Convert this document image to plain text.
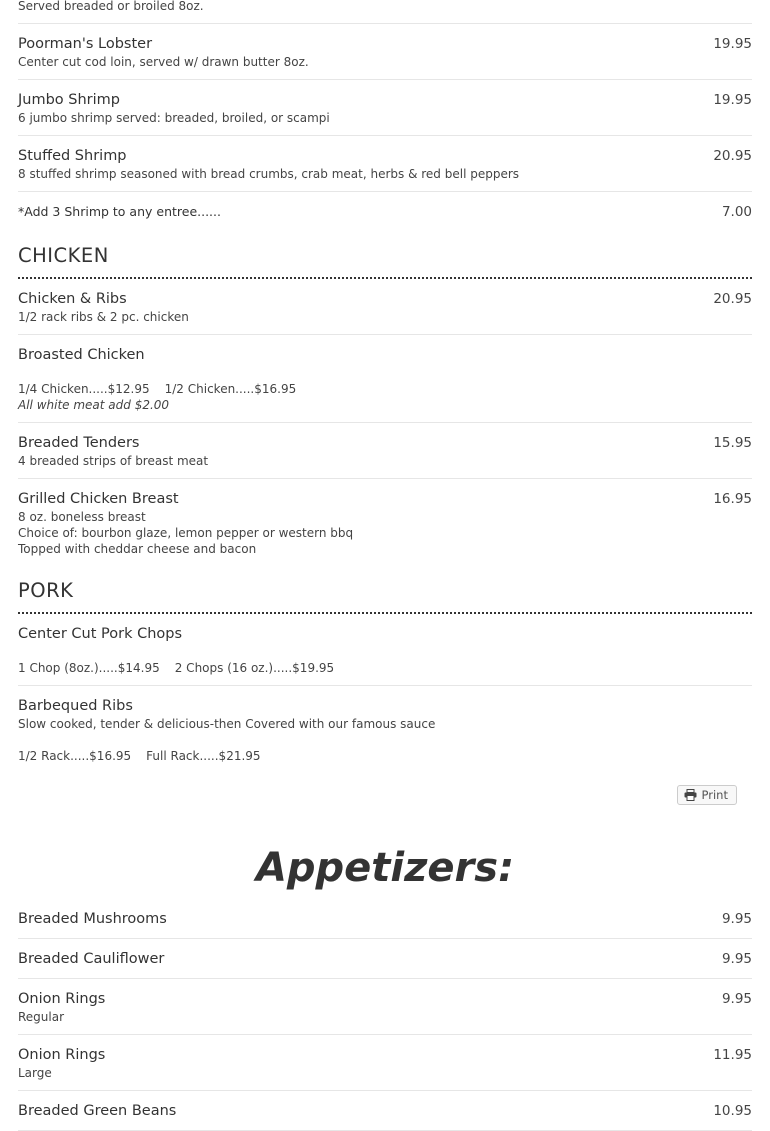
Served breaded or broiled 8oz.
Poorman's Lobster	19.95
Center cut cod loin, served w/ drawn butter 8oz.
Jumbo Shrimp	19.95
6 jumbo shrimp served: breaded, broiled, or scampi
Stuffed Shrimp	20.95
8 stuffed shrimp seasoned with bread crumbs, crab meat, herbs & red bell peppers
*Add 3 Shrimp to any entree......	7.00
CHICKEN
Chicken & Ribs	20.95
1/2 rack ribs & 2 pc. chicken
Broasted Chicken
1/4 Chicken.....$12.95 1/2 Chicken.....$16.95
All white meat add $2.00
Breaded Tenders	15.95
4 breaded strips of breast meat
Grilled Chicken Breast	16.95
8 oz. boneless breast
Choice of: bourbon glaze, lemon pepper or western bbq
Topped with cheddar cheese and bacon
PORK
Center Cut Pork Chops
1 Chop (8oz.).....$14.95 2 Chops (16 oz.).....$19.95
Barbequed Ribs
Slow cooked, tender & delicious-then Covered with our famous sauce
1/2 Rack.....$16.95 Full Rack.....$21.95
Print
Appetizers:
Breaded Mushrooms	9.95
Breaded Cauliflower	9.95
Onion Rings	9.95
Regular
Onion Rings	11.95
Large
Breaded Green Beans	10.95
